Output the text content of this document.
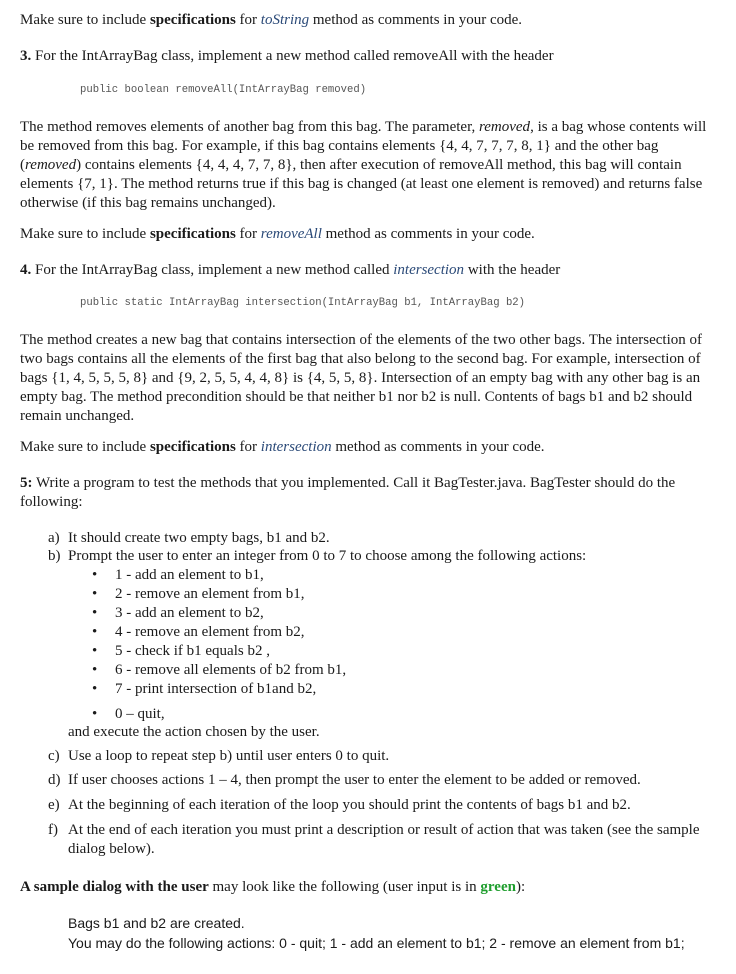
Make sure to include specifications for toString method as comments in your code.
3. For the IntArrayBag class, implement a new method called removeAll with the header
public boolean removeAll(IntArrayBag removed)
The method removes elements of another bag from this bag. The parameter, removed, is a bag whose contents will be removed from this bag. For example, if this bag contains elements {4, 4, 7, 7, 7, 8, 1} and the other bag (removed) contains elements {4, 4, 4, 7, 7, 8}, then after execution of removeAll method, this bag will contain elements {7, 1}. The method returns true if this bag is changed (at least one element is removed) and returns false otherwise (if this bag remains unchanged).
Make sure to include specifications for removeAll method as comments in your code.
4. For the IntArrayBag class, implement a new method called intersection with the header
public static IntArrayBag intersection(IntArrayBag b1, IntArrayBag b2)
The method creates a new bag that contains intersection of the elements of the two other bags. The intersection of two bags contains all the elements of the first bag that also belong to the second bag. For example, intersection of bags {1, 4, 5, 5, 5, 8} and {9, 2, 5, 5, 4, 4, 8} is {4, 5, 5, 8}. Intersection of an empty bag with any other bag is an empty bag. The method precondition should be that neither b1 nor b2 is null. Contents of bags b1 and b2 should remain unchanged.
Make sure to include specifications for intersection method as comments in your code.
5: Write a program to test the methods that you implemented. Call it BagTester.java. BagTester should do the following:
a) It should create two empty bags, b1 and b2.
b) Prompt the user to enter an integer from 0 to 7 to choose among the following actions:
• 1 - add an element to b1,
• 2 - remove an element from b1,
• 3 - add an element to b2,
• 4 - remove an element from b2,
• 5 - check if b1 equals b2 ,
• 6 - remove all elements of b2 from b1,
• 7 - print intersection of b1and b2,
• 0 – quit,
and execute the action chosen by the user.
c) Use a loop to repeat step b) until user enters 0 to quit.
d) If user chooses actions 1 – 4, then prompt the user to enter the element to be added or removed.
e) At the beginning of each iteration of the loop you should print the contents of bags b1 and b2.
f) At the end of each iteration you must print a description or result of action that was taken (see the sample dialog below).
A sample dialog with the user may look like the following (user input is in green):
Bags b1 and b2 are created.
You may do the following actions: 0 - quit; 1 - add an element to b1; 2 - remove an element from b1;
